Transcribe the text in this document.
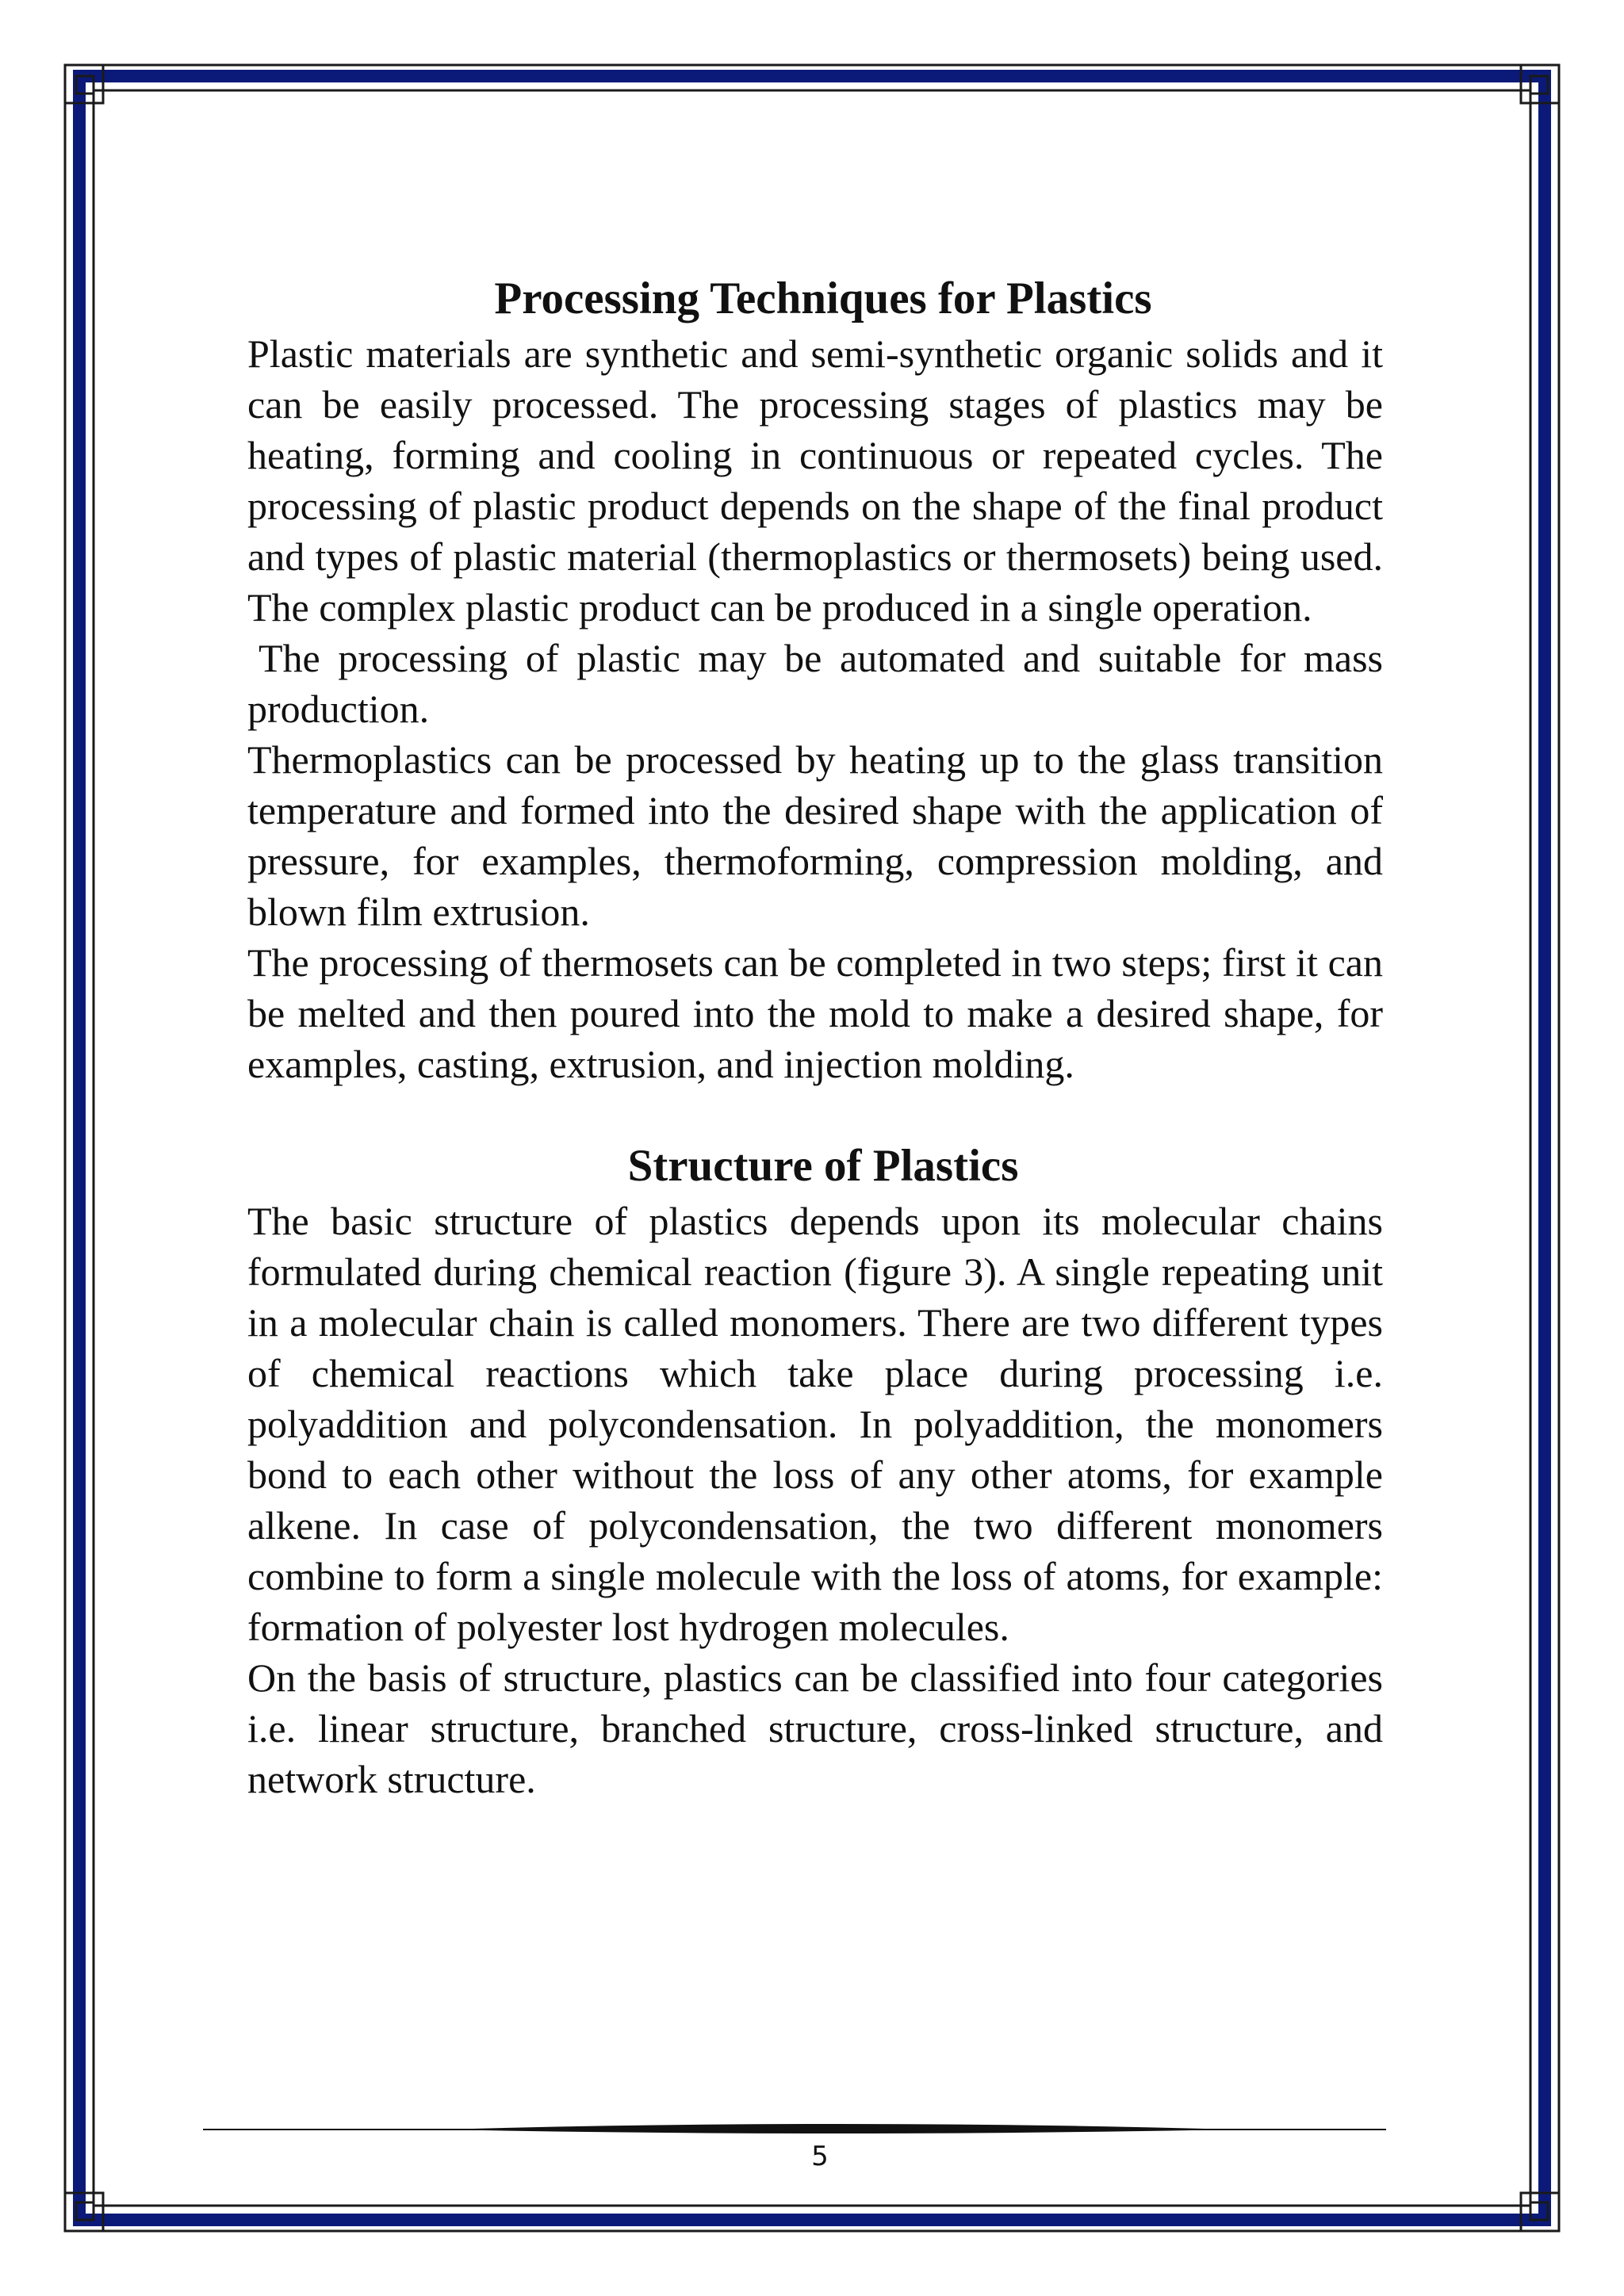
Processing Techniques for Plastics

Plastic materials are synthetic and semi-synthetic organic solids and it can be easily processed. The processing stages of plastics may be heating, forming and cooling in continuous or repeated cycles. The processing of plastic product depends on the shape of the final product and types of plastic material (thermoplastics or thermosets) being used. The complex plastic product can be produced in a single operation.

The processing of plastic may be automated and suitable for mass production.

Thermoplastics can be processed by heating up to the glass transition temperature and formed into the desired shape with the application of pressure, for examples, thermoforming, compression molding, and blown film extrusion.

The processing of thermosets can be completed in two steps; first it can be melted and then poured into the mold to make a desired shape, for examples, casting, extrusion, and injection molding.

Structure of Plastics

The basic structure of plastics depends upon its molecular chains formulated during chemical reaction (figure 3). A single repeating unit in a molecular chain is called monomers. There are two different types of chemical reactions which take place during processing i.e. polyaddition and polycondensation. In polyaddition, the monomers bond to each other without the loss of any other atoms, for example alkene. In case of polycondensation, the two different monomers combine to form a single molecule with the loss of atoms, for example: formation of polyester lost hydrogen molecules.

On the basis of structure, plastics can be classified into four categories i.e. linear structure, branched structure, cross-linked structure, and network structure.

5
